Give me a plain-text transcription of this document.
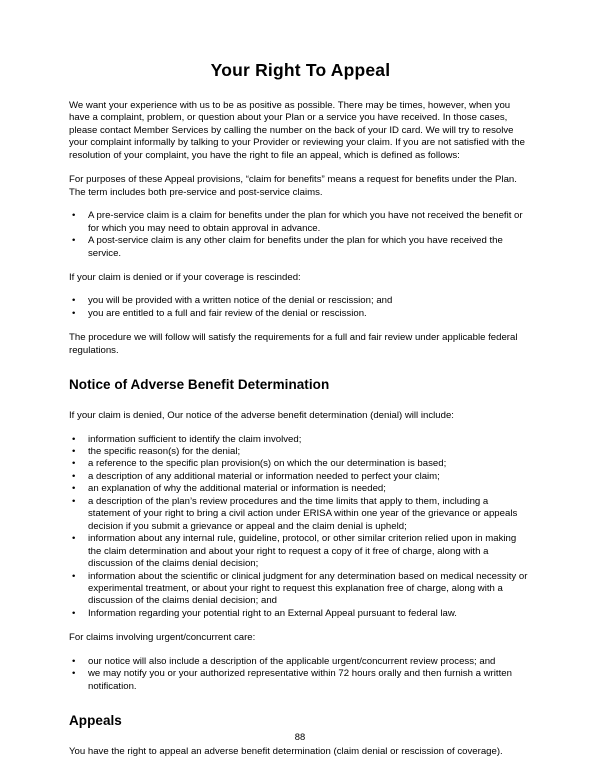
Your Right To Appeal

We want your experience with us to be as positive as possible. There may be times, however, when you have a complaint, problem, or question about your Plan or a service you have received. In those cases, please contact Member Services by calling the number on the back of your ID card. We will try to resolve your complaint informally by talking to your Provider or reviewing your claim. If you are not satisfied with the resolution of your complaint, you have the right to file an appeal, which is defined as follows:

For purposes of these Appeal provisions, “claim for benefits” means a request for benefits under the Plan. The term includes both pre-service and post-service claims.

• A pre-service claim is a claim for benefits under the plan for which you have not received the benefit or for which you may need to obtain approval in advance.
• A post-service claim is any other claim for benefits under the plan for which you have received the service.

If your claim is denied or if your coverage is rescinded:

• you will be provided with a written notice of the denial or rescission; and
• you are entitled to a full and fair review of the denial or rescission.

The procedure we will follow will satisfy the requirements for a full and fair review under applicable federal regulations.

Notice of Adverse Benefit Determination

If your claim is denied, Our notice of the adverse benefit determination (denial) will include:

• information sufficient to identify the claim involved;
• the specific reason(s) for the denial;
• a reference to the specific plan provision(s) on which the our determination is based;
• a description of any additional material or information needed to perfect your claim;
• an explanation of why the additional material or information is needed;
• a description of the plan’s review procedures and the time limits that apply to them, including a statement of your right to bring a civil action under ERISA within one year of the grievance or appeals decision if you submit a grievance or appeal and the claim denial is upheld;
• information about any internal rule, guideline, protocol, or other similar criterion relied upon in making the claim determination and about your right to request a copy of it free of charge, along with a discussion of the claims denial decision;
• information about the scientific or clinical judgment for any determination based on medical necessity or experimental treatment, or about your right to request this explanation free of charge, along with a discussion of the claims denial decision; and
• Information regarding your potential right to an External Appeal pursuant to federal law.

For claims involving urgent/concurrent care:

• our notice will also include a description of the applicable urgent/concurrent review process; and
• we may notify you or your authorized representative within 72 hours orally and then furnish a written notification.
Appeals

You have the right to appeal an adverse benefit determination (claim denial or rescission of coverage).

88
